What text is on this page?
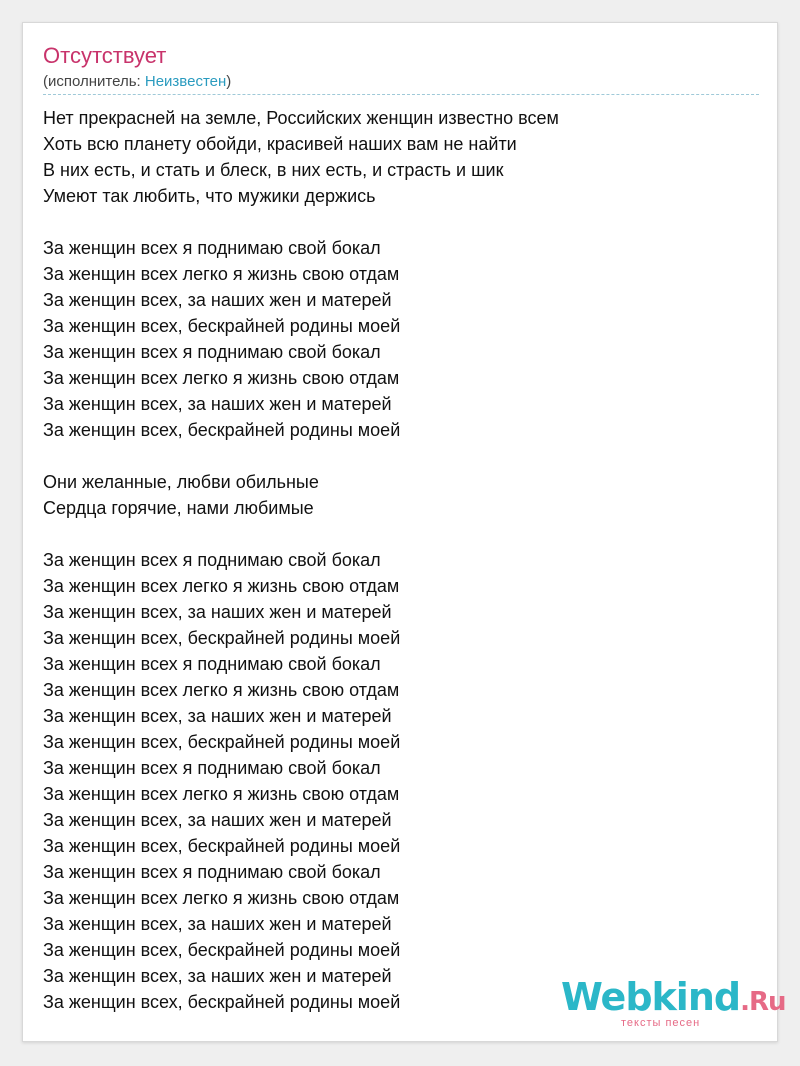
Отсутствует
(исполнитель: Неизвестен)
Нет прекрасней на земле, Российских женщин известно всем
Хоть всю планету обойди, красивей наших вам не найти
В них есть, и стать и блеск, в них есть, и страсть и шик
Умеют так любить, что мужики держись
За женщин всех я поднимаю свой бокал
За женщин всех легко я жизнь свою отдам
За женщин всех, за наших жен и матерей
За женщин всех, бескрайней родины моей
За женщин всех я поднимаю свой бокал
За женщин всех легко я жизнь свою отдам
За женщин всех, за наших жен и матерей
За женщин всех, бескрайней родины моей
Они желанные, любви обильные
Сердца горячие, нами любимые
За женщин всех я поднимаю свой бокал
За женщин всех легко я жизнь свою отдам
За женщин всех, за наших жен и матерей
За женщин всех, бескрайней родины моей
За женщин всех я поднимаю свой бокал
За женщин всех легко я жизнь свою отдам
За женщин всех, за наших жен и матерей
За женщин всех, бескрайней родины моей
За женщин всех я поднимаю свой бокал
За женщин всех легко я жизнь свою отдам
За женщин всех, за наших жен и матерей
За женщин всех, бескрайней родины моей
За женщин всех я поднимаю свой бокал
За женщин всех легко я жизнь свою отдам
За женщин всех, за наших жен и матерей
За женщин всех, бескрайней родины моей
За женщин всех, за наших жен и матерей
За женщин всех, бескрайней родины моей	Webkind.Ru
тексты песен
